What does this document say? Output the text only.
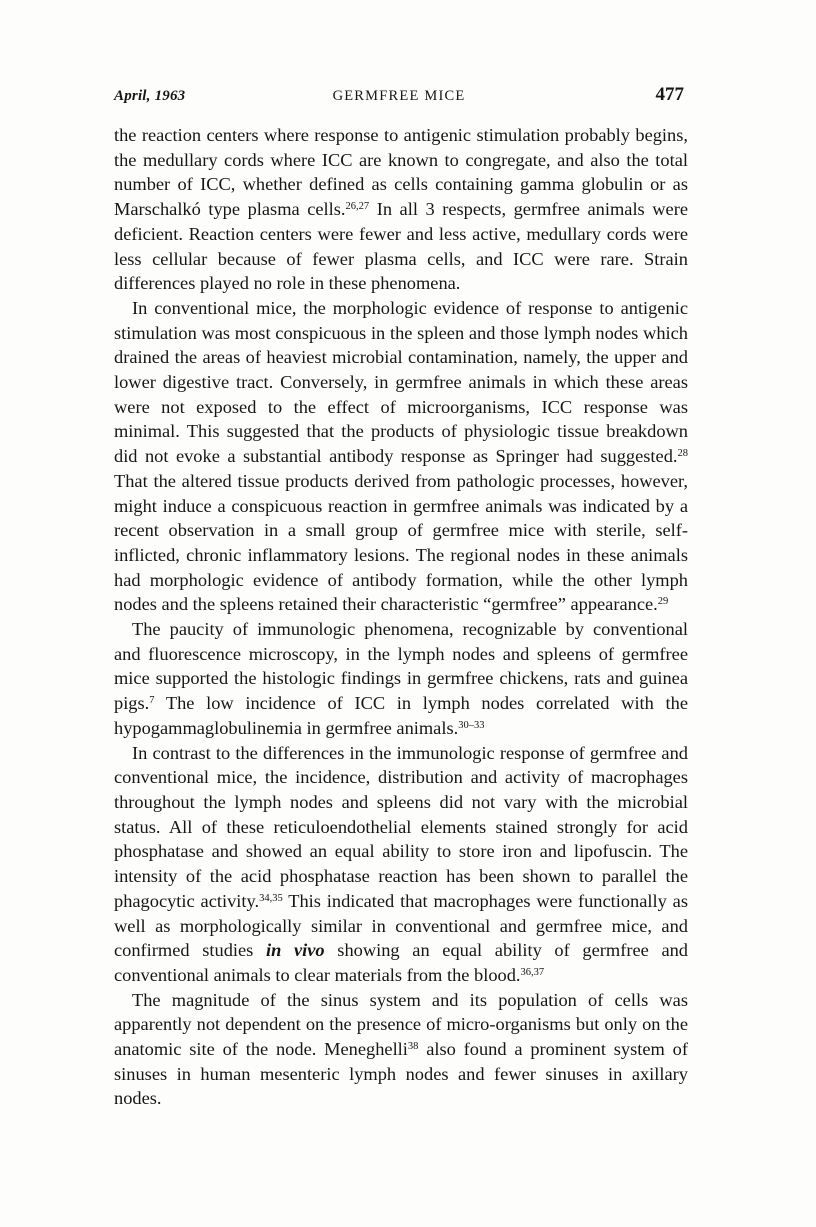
April, 1963	GERMFREE MICE	477

the reaction centers where response to antigenic stimulation probably begins, the medullary cords where ICC are known to congregate, and also the total number of ICC, whether defined as cells containing gamma globulin or as Marschalkó type plasma cells.$^{26,27}$ In all 3 respects, germfree animals were deficient. Reaction centers were fewer and less active, medullary cords were less cellular because of fewer plasma cells, and ICC were rare. Strain differences played no role in these phenomena.

In conventional mice, the morphologic evidence of response to antigenic stimulation was most conspicuous in the spleen and those lymph nodes which drained the areas of heaviest microbial contamination, namely, the upper and lower digestive tract. Conversely, in germfree animals in which these areas were not exposed to the effect of microorganisms, ICC response was minimal. This suggested that the products of physiologic tissue breakdown did not evoke a substantial antibody response as Springer had suggested.$^{28}$ That the altered tissue products derived from pathologic processes, however, might induce a conspicuous reaction in germfree animals was indicated by a recent observation in a small group of germfree mice with sterile, self-inflicted, chronic inflammatory lesions. The regional nodes in these animals had morphologic evidence of antibody formation, while the other lymph nodes and the spleens retained their characteristic “germfree” appearance.$^{29}$

The paucity of immunologic phenomena, recognizable by conventional and fluorescence microscopy, in the lymph nodes and spleens of germfree mice supported the histologic findings in germfree chickens, rats and guinea pigs.$^7$ The low incidence of ICC in lymph nodes correlated with the hypogammaglobulinemia in germfree animals.$^{30-33}$

In contrast to the differences in the immunologic response of germfree and conventional mice, the incidence, distribution and activity of macrophages throughout the lymph nodes and spleens did not vary with the microbial status. All of these reticuloendothelial elements stained strongly for acid phosphatase and showed an equal ability to store iron and lipofuscin. The intensity of the acid phosphatase reaction has been shown to parallel the phagocytic activity.$^{34,35}$ This indicated that macrophages were functionally as well as morphologically similar in conventional and germfree mice, and confirmed studies in vivo showing an equal ability of germfree and conventional animals to clear materials from the blood.$^{36,37}$

The magnitude of the sinus system and its population of cells was apparently not dependent on the presence of micro-organisms but only on the anatomic site of the node. Meneghelli$^{38}$ also found a prominent system of sinuses in human mesenteric lymph nodes and fewer sinuses in axillary nodes.
